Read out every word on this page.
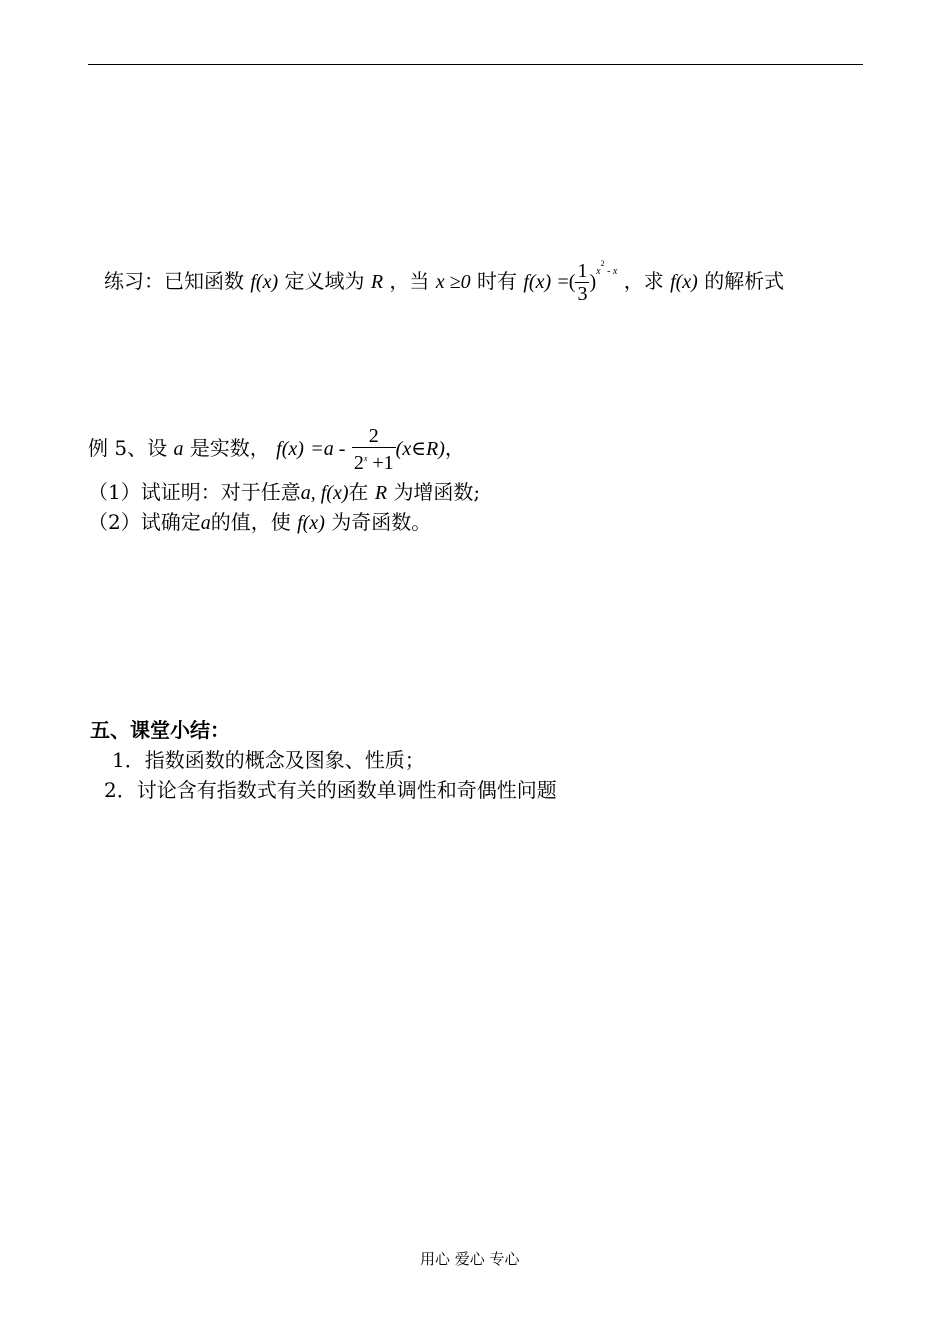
练习：已知函数 f(x) 定义域为 R ，当 x ≥0 时有 f(x) =( $\frac{1}{3} )^{x^2 - x}$ ，求 f(x) 的解析式
例 5、设 a 是实数， $f(x) =a - \frac{2}{2^x +1}$ (x∈R)，
（1）试证明：对于任意a, f(x)在 R 为增函数;
（2）试确定a的值，使 f(x) 为奇函数。
五、课堂小结：
1．指数函数的概念及图象、性质；
2．讨论含有指数式有关的函数单调性和奇偶性问题
用心 爱心 专心
